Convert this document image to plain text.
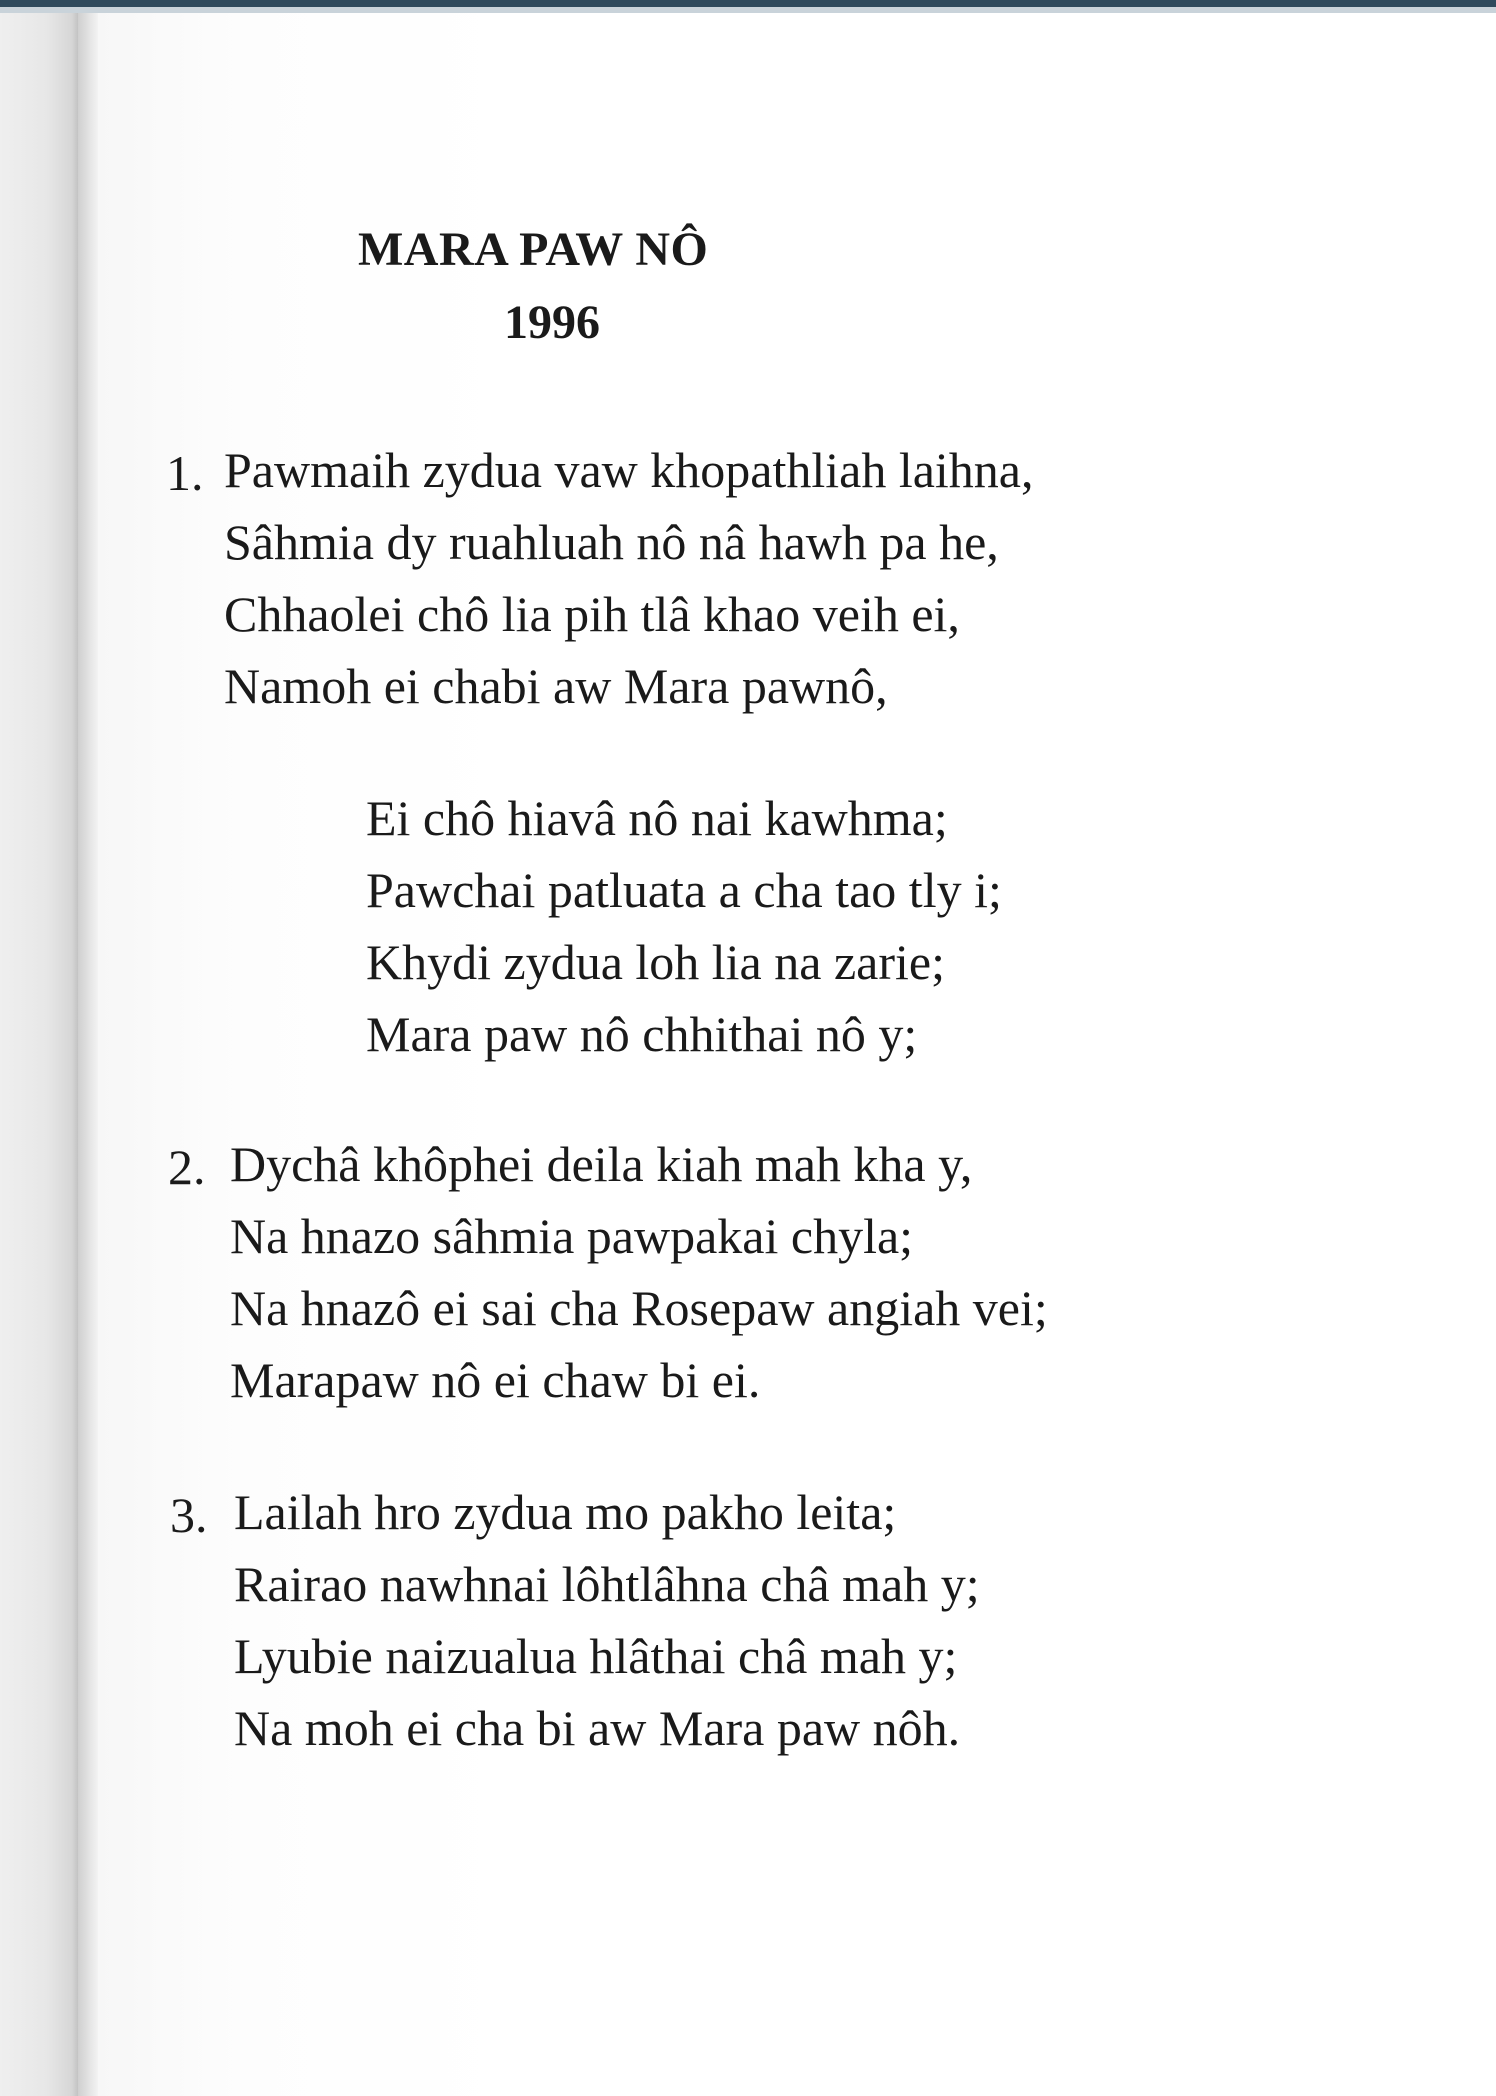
MARA PAW NÔ
1996
1. Pawmaih zydua vaw khopathliah laihna,
Sâhmia dy ruahluah nô nâ hawh pa he,
Chhaolei chô lia pih tlâ khao veih ei,
Namoh ei chabi aw Mara pawnô,
Ei chô hiavâ nô nai kawhma;
Pawchai patluata a cha tao tly i;
Khydi zydua loh lia na zarie;
Mara paw nô chhithai nô y;
2. Dychâ khôphei deila kiah mah kha y,
Na hnazo sâhmia pawpakai chyla;
Na hnazô ei sai cha Rosepaw angiah vei;
Marapaw nô ei chaw bi ei.
3. Lailah hro zydua mo pakho leita;
Rairao nawhnai lôhtlâhna châ mah y;
Lyubie naizualua hlâthai châ mah y;
Na moh ei cha bi aw Mara paw nôh.
